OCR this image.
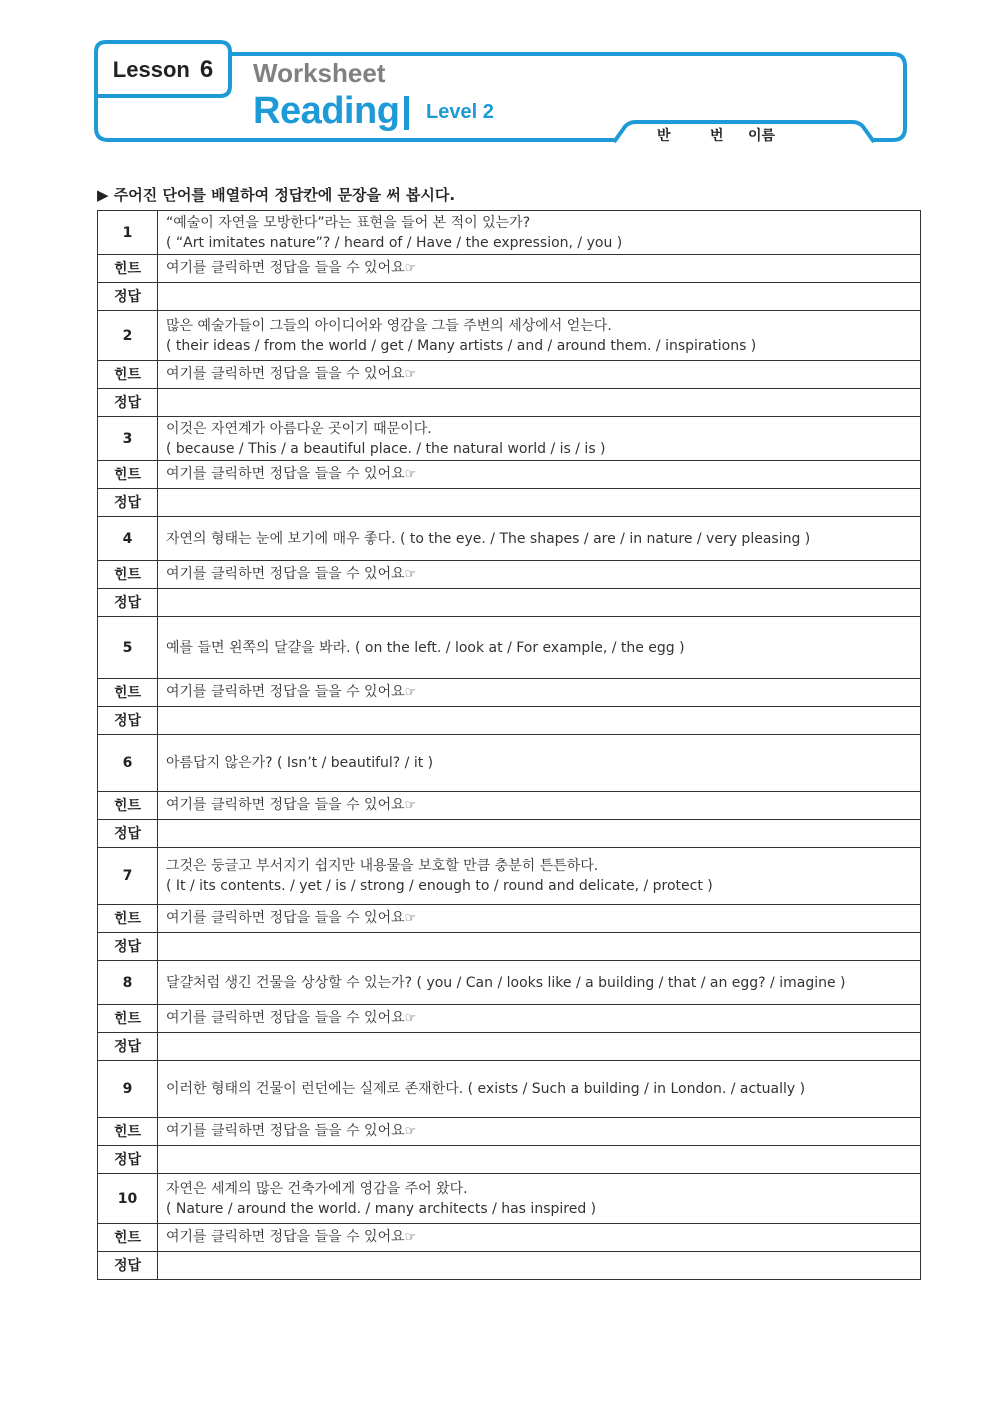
Lesson 6 Worksheet
Reading Level 2
반	번 이름
▶ 주어진 단어를 배열하여 정답칸에 문장을 써 봅시다.
1	“예술이 자연을 모방한다”라는 표현을 들어 본 적이 있는가?
( “Art imitates nature”? / heard of / Have / the expression, / you )
힌트	여기를 클릭하면 정답을 들을 수 있어요☞
정답	
2	많은 예술가들이 그들의 아이디어와 영감을 그들 주변의 세상에서 얻는다.
( their ideas / from the world / get / Many artists / and / around them. / inspirations )
힌트	여기를 클릭하면 정답을 들을 수 있어요☞
정답	
3	이것은 자연계가 아름다운 곳이기 때문이다.
( because / This / a beautiful place. / the natural world / is / is )
힌트	여기를 클릭하면 정답을 들을 수 있어요☞
정답	
4	자연의 형태는 눈에 보기에 매우 좋다. ( to the eye. / The shapes / are / in nature / very pleasing )
힌트	여기를 클릭하면 정답을 들을 수 있어요☞
정답	
5	예를 들면 왼쪽의 달걀을 봐라. ( on the left. / look at / For example, / the egg )
힌트	여기를 클릭하면 정답을 들을 수 있어요☞
정답	
6	아름답지 않은가? ( Isn’t / beautiful? / it )
힌트	여기를 클릭하면 정답을 들을 수 있어요☞
정답	
7	그것은 둥글고 부서지기 쉽지만 내용물을 보호할 만큼 충분히 튼튼하다.
( It / its contents. / yet / is / strong / enough to / round and delicate, / protect )
힌트	여기를 클릭하면 정답을 들을 수 있어요☞
정답	
8	달걀처럼 생긴 건물을 상상할 수 있는가? ( you / Can / looks like / a building / that / an egg? / imagine )
힌트	여기를 클릭하면 정답을 들을 수 있어요☞
정답	
9	이러한 형태의 건물이 런던에는 실제로 존재한다. ( exists / Such a building / in London. / actually )
힌트	여기를 클릭하면 정답을 들을 수 있어요☞
정답	
10	자연은 세계의 많은 건축가에게 영감을 주어 왔다.
( Nature / around the world. / many architects / has inspired )
힌트	여기를 클릭하면 정답을 들을 수 있어요☞
정답	
